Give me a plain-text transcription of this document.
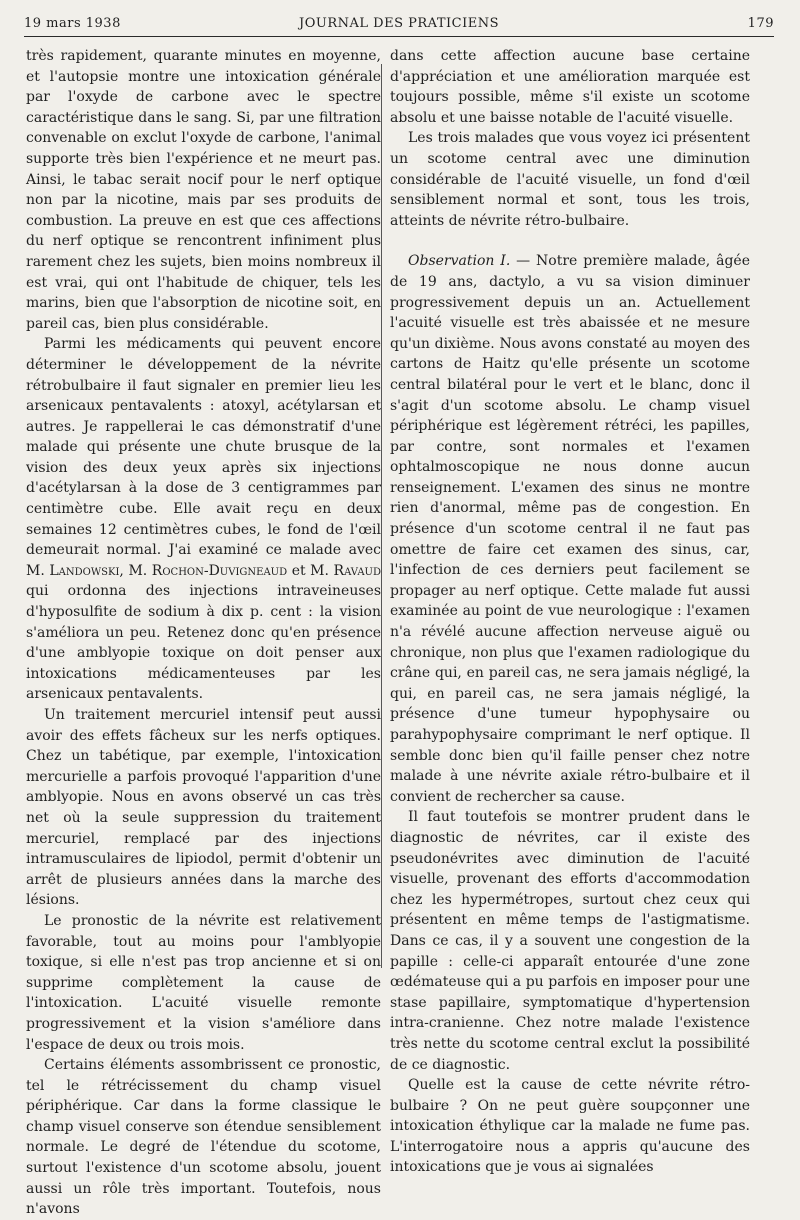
19 mars 1938	JOURNAL DES PRATICIENS	179

très rapidement, quarante minutes en moyenne, et l'autopsie montre une intoxication générale par l'oxyde de carbone avec le spectre caractéristique dans le sang. Si, par une filtration convenable on exclut l'oxyde de carbone, l'animal supporte très bien l'expérience et ne meurt pas. Ainsi, le tabac serait nocif pour le nerf optique non par la nicotine, mais par ses produits de combustion. La preuve en est que ces affections du nerf optique se rencontrent infiniment plus rarement chez les sujets, bien moins nombreux il est vrai, qui ont l'habitude de chiquer, tels les marins, bien que l'absorption de nicotine soit, en pareil cas, bien plus considérable.

Parmi les médicaments qui peuvent encore déterminer le développement de la névrite rétrobulbaire il faut signaler en premier lieu les arsenicaux pentavalents : atoxyl, acétylarsan et autres. Je rappellerai le cas démonstratif d'une malade qui présente une chute brusque de la vision des deux yeux après six injections d'acétylarsan à la dose de 3 centigrammes par centimètre cube. Elle avait reçu en deux semaines 12 centimètres cubes, le fond de l'œil demeurait normal. J'ai examiné ce malade avec M. Landowski, M. Rochon-Duvigneaud et M. Ravaud qui ordonna des injections intraveineuses d'hyposulfite de sodium à dix p. cent : la vision s'améliora un peu. Retenez donc qu'en présence d'une amblyopie toxique on doit penser aux intoxications médicamenteuses par les arsenicaux pentavalents.

Un traitement mercuriel intensif peut aussi avoir des effets fâcheux sur les nerfs optiques. Chez un tabétique, par exemple, l'intoxication mercurielle a parfois provoqué l'apparition d'une amblyopie. Nous en avons observé un cas très net où la seule suppression du traitement mercuriel, remplacé par des injections intramusculaires de lipiodol, permit d'obtenir un arrêt de plusieurs années dans la marche des lésions.

Le pronostic de la névrite est relativement favorable, tout au moins pour l'amblyopie toxique, si elle n'est pas trop ancienne et si on supprime complètement la cause de l'intoxication. L'acuité visuelle remonte progressivement et la vision s'améliore dans l'espace de deux ou trois mois.

Certains éléments assombrissent ce pronostic, tel le rétrécissement du champ visuel périphérique. Car dans la forme classique le champ visuel conserve son étendue sensiblement normale. Le degré de l'étendue du scotome, surtout l'existence d'un scotome absolu, jouent aussi un rôle très important. Toutefois, nous n'avons

dans cette affection aucune base certaine d'appréciation et une amélioration marquée est toujours possible, même s'il existe un scotome absolu et une baisse notable de l'acuité visuelle.

Les trois malades que vous voyez ici présentent un scotome central avec une diminution considérable de l'acuité visuelle, un fond d'œil sensiblement normal et sont, tous les trois, atteints de névrite rétro-bulbaire.

Observation I. — Notre première malade, âgée de 19 ans, dactylo, a vu sa vision diminuer progressivement depuis un an. Actuellement l'acuité visuelle est très abaissée et ne mesure qu'un dixième. Nous avons constaté au moyen des cartons de Haitz qu'elle présente un scotome central bilatéral pour le vert et le blanc, donc il s'agit d'un scotome absolu. Le champ visuel périphérique est légèrement rétréci, les papilles, par contre, sont normales et l'examen ophtalmoscopique ne nous donne aucun renseignement. L'examen des sinus ne montre rien d'anormal, même pas de congestion. En présence d'un scotome central il ne faut pas omettre de faire cet examen des sinus, car, l'infection de ces derniers peut facilement se propager au nerf optique. Cette malade fut aussi examinée au point de vue neurologique : l'examen n'a révélé aucune affection nerveuse aiguë ou chronique, non plus que l'examen radiologique du crâne qui, en pareil cas, ne sera jamais négligé, la qui, en pareil cas, ne sera jamais négligé, la présence d'une tumeur hypophysaire ou parahypophysaire comprimant le nerf optique. Il semble donc bien qu'il faille penser chez notre malade à une névrite axiale rétro-bulbaire et il convient de rechercher sa cause.

Il faut toutefois se montrer prudent dans le diagnostic de névrites, car il existe des pseudonévrites avec diminution de l'acuité visuelle, provenant des efforts d'accommodation chez les hypermétropes, surtout chez ceux qui présentent en même temps de l'astigmatisme. Dans ce cas, il y a souvent une congestion de la papille : celle-ci apparaît entourée d'une zone œdémateuse qui a pu parfois en imposer pour une stase papillaire, symptomatique d'hypertension intra-cranienne. Chez notre malade l'existence très nette du scotome central exclut la possibilité de ce diagnostic.

Quelle est la cause de cette névrite rétro-bulbaire ? On ne peut guère soupçonner une intoxication éthylique car la malade ne fume pas. L'interrogatoire nous a appris qu'aucune des intoxications que je vous ai signalées
